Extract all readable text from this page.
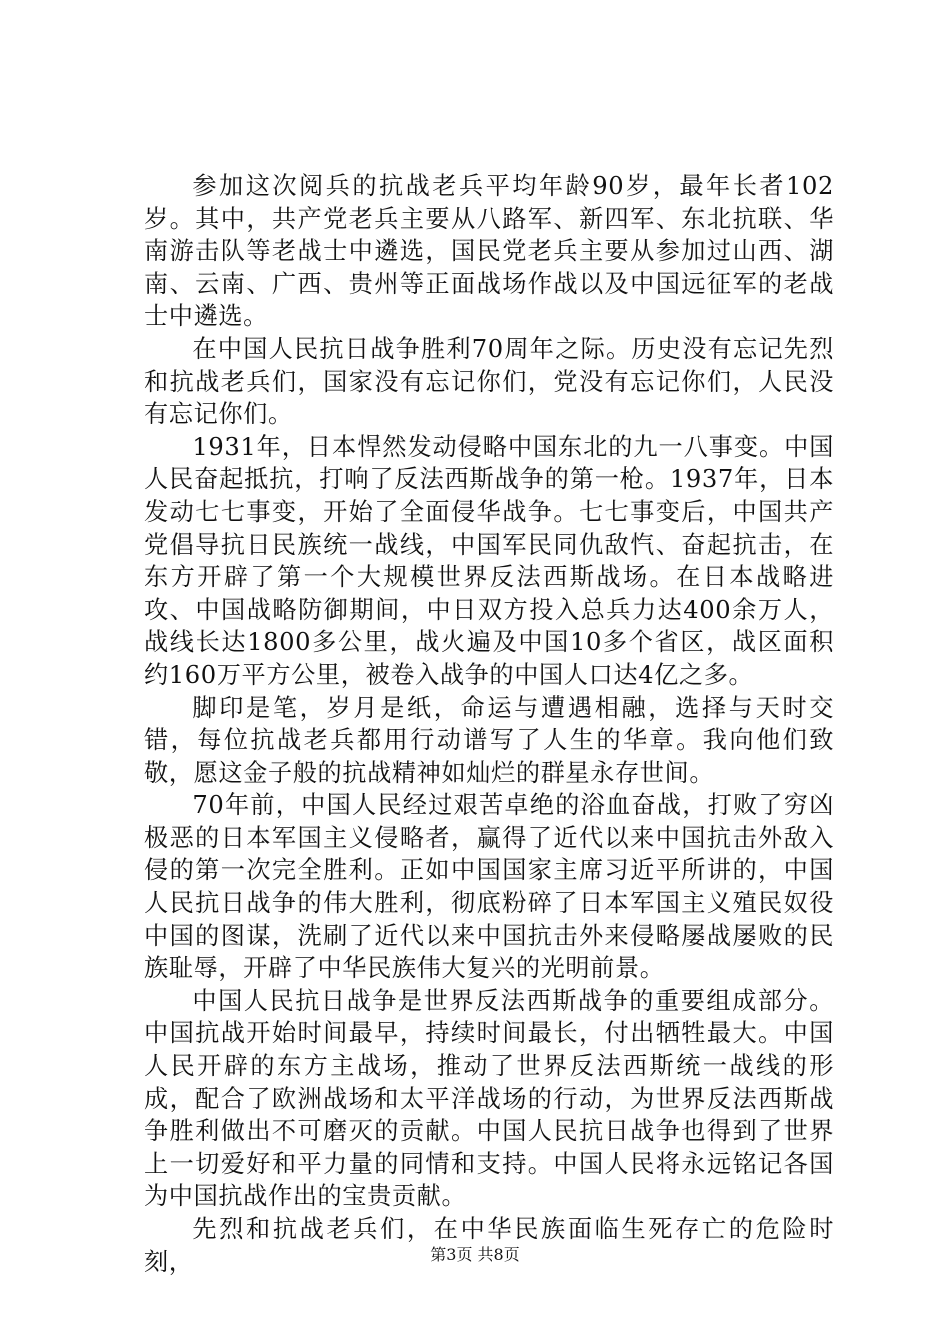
参加这次阅兵的抗战老兵平均年龄90岁，最年长者102岁。其中，共产党老兵主要从八路军、新四军、东北抗联、华南游击队等老战士中遴选，国民党老兵主要从参加过山西、湖南、云南、广西、贵州等正面战场作战以及中国远征军的老战士中遴选。

在中国人民抗日战争胜利70周年之际。历史没有忘记先烈和抗战老兵们，国家没有忘记你们，党没有忘记你们，人民没有忘记你们。

1931年，日本悍然发动侵略中国东北的九一八事变。中国人民奋起抵抗，打响了反法西斯战争的第一枪。1937年，日本发动七七事变，开始了全面侵华战争。七七事变后，中国共产党倡导抗日民族统一战线，中国军民同仇敌忾、奋起抗击，在东方开辟了第一个大规模世界反法西斯战场。在日本战略进攻、中国战略防御期间，中日双方投入总兵力达400余万人，战线长达1800多公里，战火遍及中国10多个省区，战区面积约160万平方公里，被卷入战争的中国人口达4亿之多。

脚印是笔，岁月是纸，命运与遭遇相融，选择与天时交错，每位抗战老兵都用行动谱写了人生的华章。我向他们致敬，愿这金子般的抗战精神如灿烂的群星永存世间。

70年前，中国人民经过艰苦卓绝的浴血奋战，打败了穷凶极恶的日本军国主义侵略者，赢得了近代以来中国抗击外敌入侵的第一次完全胜利。正如中国国家主席习近平所讲的，中国人民抗日战争的伟大胜利，彻底粉碎了日本军国主义殖民奴役中国的图谋，洗刷了近代以来中国抗击外来侵略屡战屡败的民族耻辱，开辟了中华民族伟大复兴的光明前景。

中国人民抗日战争是世界反法西斯战争的重要组成部分。中国抗战开始时间最早，持续时间最长，付出牺牲最大。中国人民开辟的东方主战场，推动了世界反法西斯统一战线的形成，配合了欧洲战场和太平洋战场的行动，为世界反法西斯战争胜利做出不可磨灭的贡献。中国人民抗日战争也得到了世界上一切爱好和平力量的同情和支持。中国人民将永远铭记各国为中国抗战作出的宝贵贡献。

先烈和抗战老兵们，在中华民族面临生死存亡的危险时刻，	第3页 共8页
